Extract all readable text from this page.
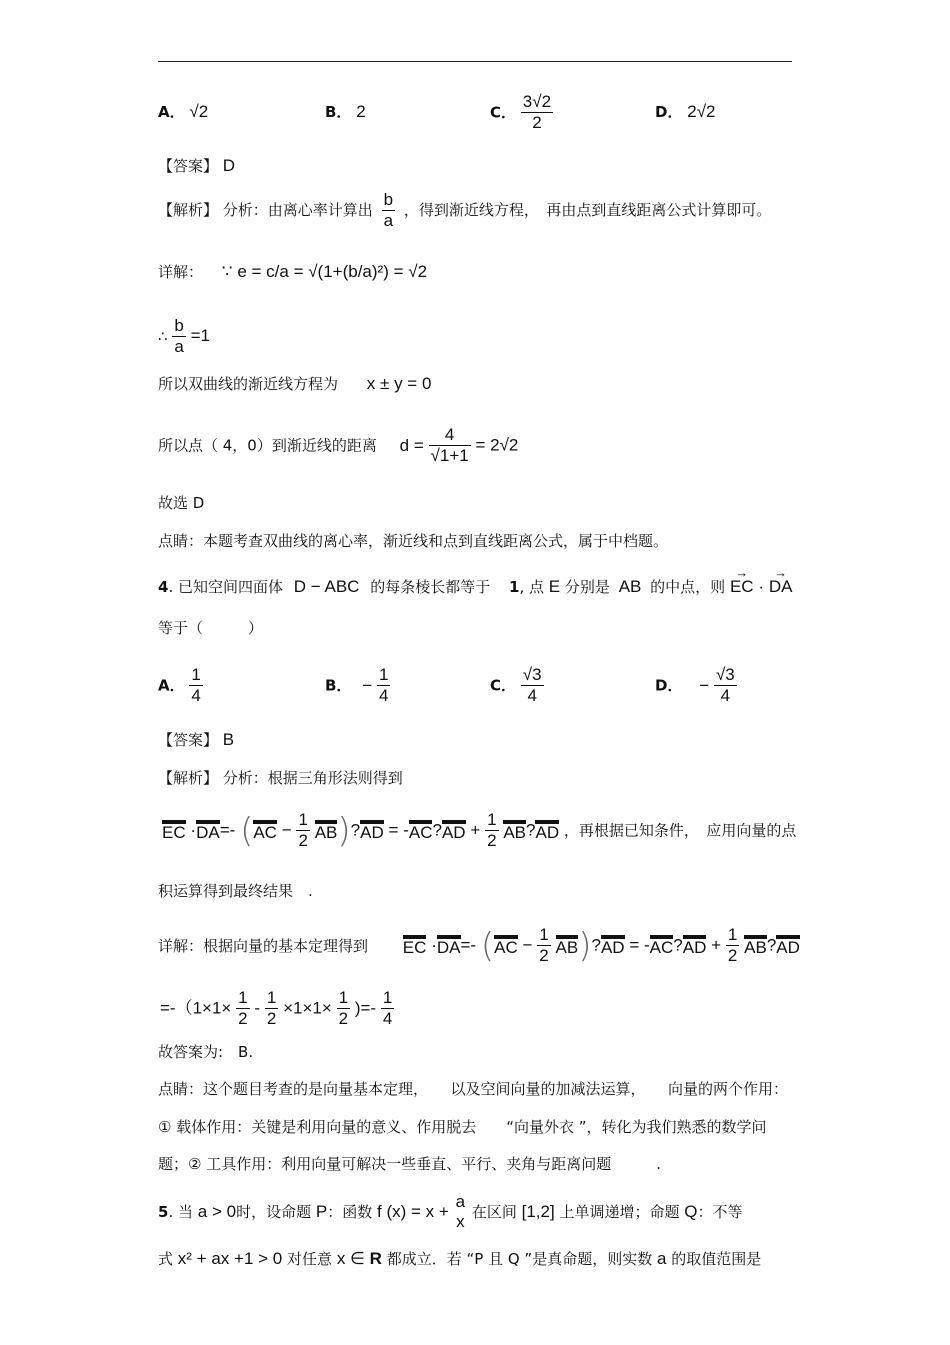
A． √2	B． 2	C． $\frac{3√2}{2}$	D． 2√2
【答案】 D
【解析】 分析：由离心率计算出 $\frac{b}{a}$ ，得到渐近线方程，　再由点到直线距离公式计算即可。
详解： ∵ e = c/a = √(1+(b/a)²) = √2
∴ $\frac{b}{a} =1$
所以双曲线的渐近线方程为 x ± y = 0
所以点（ 4，0）到渐近线的距离 $d = \frac{4}{√1+1} = 2√2$
故选 D
点睛：本题考查双曲线的离心率，渐近线和点到直线距离公式，属于中档题。
4. 已知空间四面体 D − ABC 的每条棱长都等于 1, 点 E 分别是 AB 的中点，则 → EC · → DA
等于（　　　）
A． $\frac{1}{4}$	B． − $\frac{1}{4}$	C． $\frac{√3}{4}$	D． − $\frac{√3}{4}$
【答案】 B
【解析】 分析：根据三角形法则得到
EC ·DA=- ($AC - \frac{1}{2}$ AB)?AD = -AC?AD + $\frac{1}{2}$ AB?AD ，再根据已知条件，　应用向量的点
积运算得到最终结果　.
详解：根据向量的基本定理得到 EC ·DA=- ($AC - \frac{1}{2}$ AB)?AD = -AC?AD + $\frac{1}{2}$ AB?AD
$=-(1\times 1\times \frac{1}{2} - \frac{1}{2} \times 1\times 1\times \frac{1}{2}$ )=- $\frac{1}{4}$
故答案为:　B.
点睛：这个题目考查的是向量基本定理，　　以及空间向量的加减法运算，　　向量的两个作用：
① 载体作用：关键是利用向量的意义、作用脱去　　“向量外衣 ”，转化为我们熟悉的数学问
题；② 工具作用：利用向量可解决一些垂直、平行、夹角与距离问题　　　.
5. 当 a > 0时，设命题 P：函数 f (x) = x +
a
x 在区间 [1,2] 上单调递增；命题 Q：不等
式 x² + ax +1 > 0 对任意 x ∈ R 都成立．若 “P 且 Q ”是真命题，则实数 a 的取值范围是
